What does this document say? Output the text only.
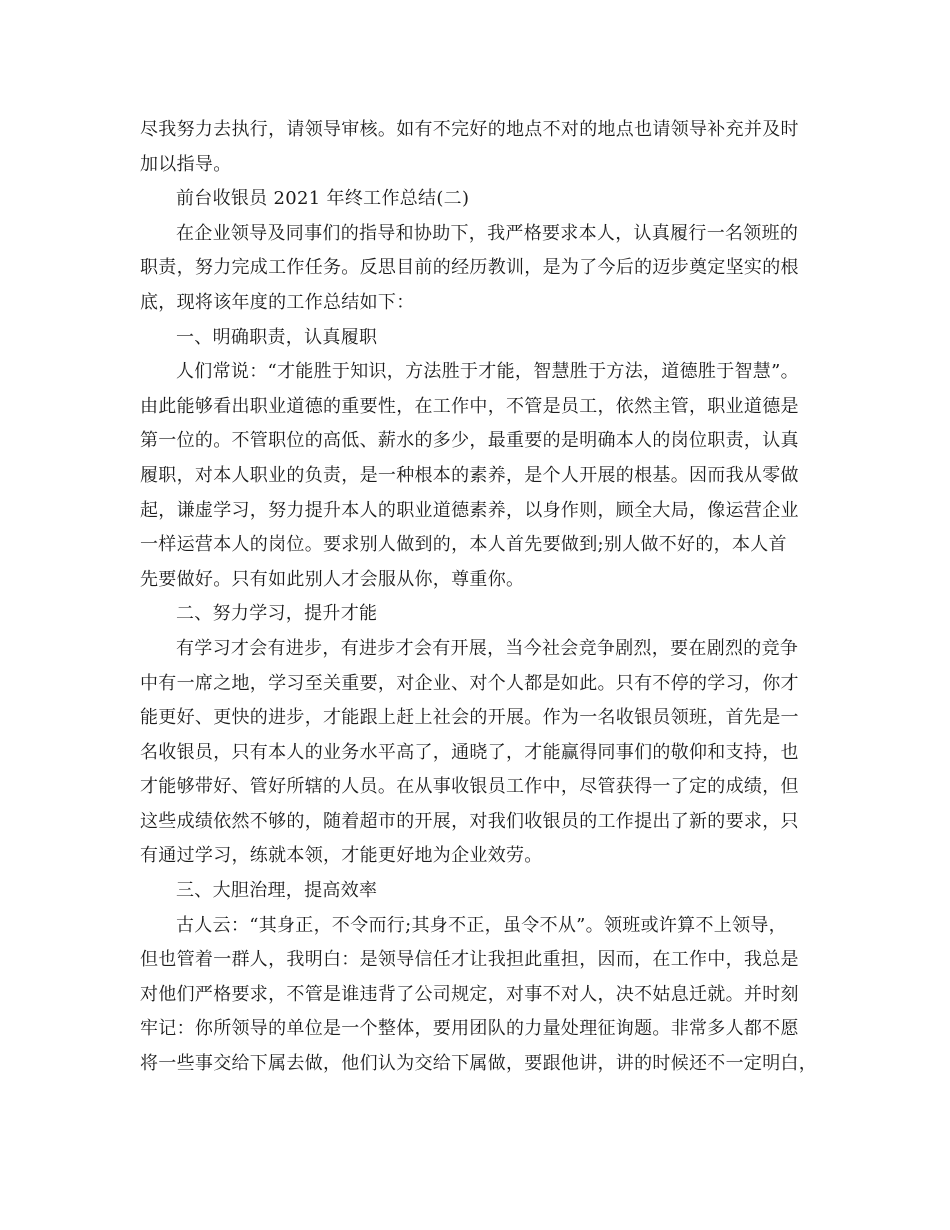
尽我努力去执行，请领导审核。如有不完好的地点不对的地点也请领导补充并及时
加以指导。
前台收银员 2021 年终工作总结(二)
在企业领导及同事们的指导和协助下，我严格要求本人，认真履行一名领班的
职责，努力完成工作任务。反思目前的经历教训，是为了今后的迈步奠定坚实的根
底，现将该年度的工作总结如下：
一、明确职责，认真履职
人们常说：“才能胜于知识，方法胜于才能，智慧胜于方法，道德胜于智慧”。
由此能够看出职业道德的重要性，在工作中，不管是员工，依然主管，职业道德是
第一位的。不管职位的高低、薪水的多少，最重要的是明确本人的岗位职责，认真
履职，对本人职业的负责，是一种根本的素养，是个人开展的根基。因而我从零做
起，谦虚学习，努力提升本人的职业道德素养，以身作则，顾全大局，像运营企业
一样运营本人的岗位。要求别人做到的，本人首先要做到;别人做不好的，本人首
先要做好。只有如此别人才会服从你，尊重你。
二、努力学习，提升才能
有学习才会有进步，有进步才会有开展，当今社会竞争剧烈，要在剧烈的竞争
中有一席之地，学习至关重要，对企业、对个人都是如此。只有不停的学习，你才
能更好、更快的进步，才能跟上赶上社会的开展。作为一名收银员领班，首先是一
名收银员，只有本人的业务水平高了，通晓了，才能赢得同事们的敬仰和支持，也
才能够带好、管好所辖的人员。在从事收银员工作中，尽管获得一了定的成绩，但
这些成绩依然不够的，随着超市的开展，对我们收银员的工作提出了新的要求，只
有通过学习，练就本领，才能更好地为企业效劳。
三、大胆治理，提高效率
古人云：“其身正，不令而行;其身不正，虽令不从”。领班或许算不上领导，
但也管着一群人，我明白：是领导信任才让我担此重担，因而，在工作中，我总是
对他们严格要求，不管是谁违背了公司规定，对事不对人，决不姑息迁就。并时刻
牢记：你所领导的单位是一个整体，要用团队的力量处理征询题。非常多人都不愿
将一些事交给下属去做，他们认为交给下属做，要跟他讲，讲的时候还不一定明白，
